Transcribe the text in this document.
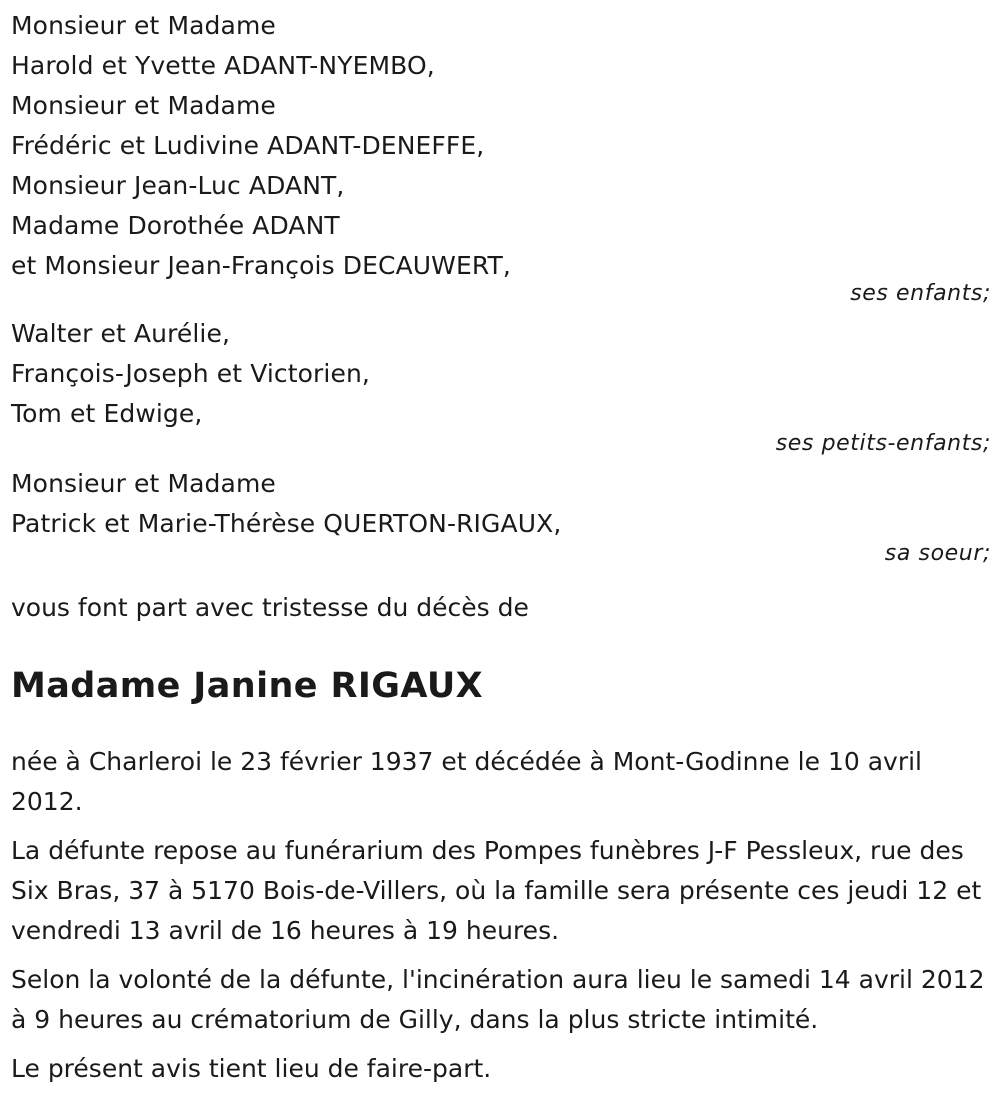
Monsieur et Madame
Harold et Yvette ADANT-NYEMBO,
Monsieur et Madame
Frédéric et Ludivine ADANT-DENEFFE,
Monsieur Jean-Luc ADANT,
Madame Dorothée ADANT
et Monsieur Jean-François DECAUWERT,
ses enfants;
Walter et Aurélie,
François-Joseph et Victorien,
Tom et Edwige,
ses petits-enfants;
Monsieur et Madame
Patrick et Marie-Thérèse QUERTON-RIGAUX,
sa soeur;
vous font part avec tristesse du décès de
Madame Janine RIGAUX

née à Charleroi le 23 février 1937 et décédée à Mont-Godinne le 10 avril 2012.

La défunte repose au funérarium des Pompes funèbres J-F Pessleux, rue des Six Bras, 37 à 5170 Bois-de-Villers, où la famille sera présente ces jeudi 12 et vendredi 13 avril de 16 heures à 19 heures.

Selon la volonté de la défunte, l'incinération aura lieu le samedi 14 avril 2012 à 9 heures au crématorium de Gilly, dans la plus stricte intimité.

Le présent avis tient lieu de faire-part.
